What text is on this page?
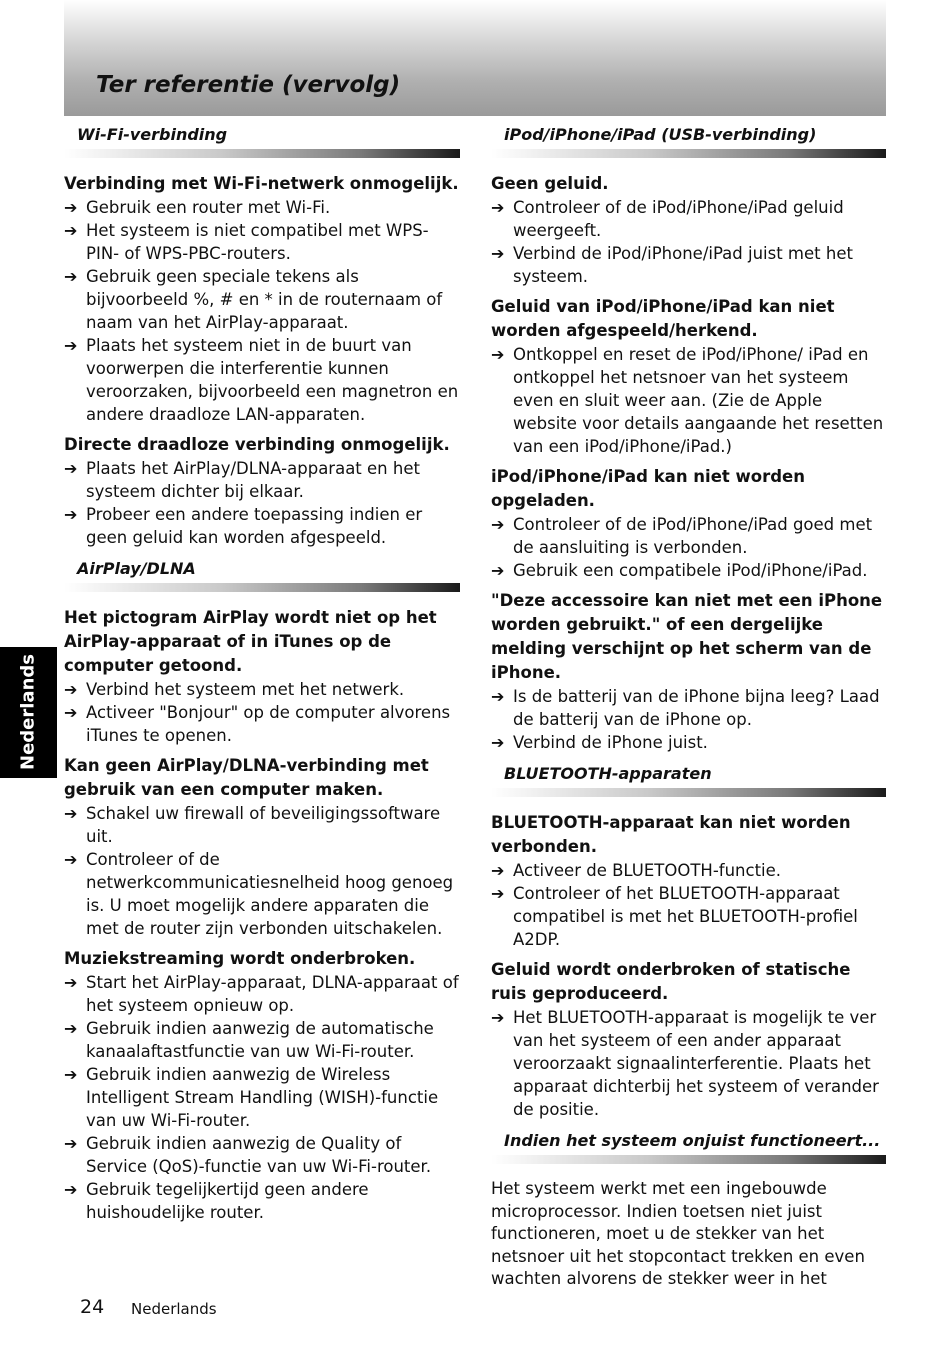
Ter referentie (vervolg)
Nederlands
Wi-Fi-verbinding
Verbinding met Wi-Fi-netwerk onmogelijk.
➔ Gebruik een router met Wi-Fi.
➔ Het systeem is niet compatibel met WPS-PIN- of WPS-PBC-routers.
➔ Gebruik geen speciale tekens als bijvoorbeeld %, # en * in de routernaam of naam van het AirPlay-apparaat.
➔ Plaats het systeem niet in de buurt van voorwerpen die interferentie kunnen veroorzaken, bijvoorbeeld een magnetron en andere draadloze LAN-apparaten.
Directe draadloze verbinding onmogelijk.
➔ Plaats het AirPlay/DLNA-apparaat en het systeem dichter bij elkaar.
➔ Probeer een andere toepassing indien er geen geluid kan worden afgespeeld.
AirPlay/DLNA
Het pictogram AirPlay wordt niet op het AirPlay-apparaat of in iTunes op de computer getoond.
➔ Verbind het systeem met het netwerk.
➔ Activeer "Bonjour" op de computer alvorens iTunes te openen.
Kan geen AirPlay/DLNA-verbinding met gebruik van een computer maken.
➔ Schakel uw firewall of beveiligingssoftware uit.
➔ Controleer of de netwerkcommunicatiesnelheid hoog genoeg is. U moet mogelijk andere apparaten die met de router zijn verbonden uitschakelen.
Muziekstreaming wordt onderbroken.
➔ Start het AirPlay-apparaat, DLNA-apparaat of het systeem opnieuw op.
➔ Gebruik indien aanwezig de automatische kanaalaftastfunctie van uw Wi-Fi-router.
➔ Gebruik indien aanwezig de Wireless Intelligent Stream Handling (WISH)-functie van uw Wi-Fi-router.
➔ Gebruik indien aanwezig de Quality of Service (QoS)-functie van uw Wi-Fi-router.
➔ Gebruik tegelijkertijd geen andere huishoudelijke router.
iPod/iPhone/iPad (USB-verbinding)
Geen geluid.
➔ Controleer of de iPod/iPhone/iPad geluid weergeeft.
➔ Verbind de iPod/iPhone/iPad juist met het systeem.
Geluid van iPod/iPhone/iPad kan niet worden afgespeeld/herkend.
➔ Ontkoppel en reset de iPod/iPhone/ iPad en ontkoppel het netsnoer van het systeem even en sluit weer aan. (Zie de Apple website voor details aangaande het resetten van een iPod/iPhone/iPad.)
iPod/iPhone/iPad kan niet worden opgeladen.
➔ Controleer of de iPod/iPhone/iPad goed met de aansluiting is verbonden.
➔ Gebruik een compatibele iPod/iPhone/iPad.
"Deze accessoire kan niet met een iPhone worden gebruikt." of een dergelijke melding verschijnt op het scherm van de iPhone.
➔ Is de batterij van de iPhone bijna leeg? Laad de batterij van de iPhone op.
➔ Verbind de iPhone juist.
BLUETOOTH-apparaten
BLUETOOTH-apparaat kan niet worden verbonden.
➔ Activeer de BLUETOOTH-functie.
➔ Controleer of het BLUETOOTH-apparaat compatibel is met het BLUETOOTH-profiel A2DP.
Geluid wordt onderbroken of statische ruis geproduceerd.
➔ Het BLUETOOTH-apparaat is mogelijk te ver van het systeem of een ander apparaat veroorzaakt signaalinterferentie. Plaats het apparaat dichterbij het systeem of verander de positie.
Indien het systeem onjuist functioneert...
Het systeem werkt met een ingebouwde microprocessor. Indien toetsen niet juist functioneren, moet u de stekker van het netsnoer uit het stopcontact trekken en even wachten alvorens de stekker weer in het
24 Nederlands
